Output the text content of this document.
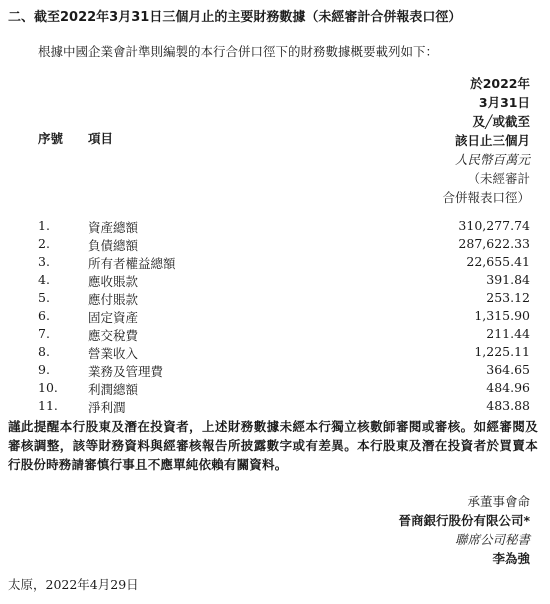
二、截至2022年3月31日三個月止的主要財務數據（未經審計合併報表口徑）
根據中國企業會計準則編製的本行合併口徑下的財務數據概要載列如下：
於2022年
3月31日
及╱或截至
該日止三個月
人民幣百萬元
（未經審計
合併報表口徑）
序號 項目
1.	資產總額	310,277.74
2.	負債總額	287,622.33
3.	所有者權益總額	22,655.41
4.	應收賬款	391.84
5.	應付賬款	253.12
6.	固定資產	1,315.90
7.	應交稅費	211.44
8.	營業收入	1,225.11
9.	業務及管理費	364.65
10. 利潤總額	484.96
11. 淨利潤	483.88
謹此提醒本行股東及潛在投資者，上述財務數據未經本行獨立核數師審閱或審核。如經審閱及審核調整，該等財務資料與經審核報告所披露數字或有差異。本行股東及潛在投資者於買賣本行股份時務請審慎行事且不應單純依賴有關資料。
承董事會命
晉商銀行股份有限公司*
聯席公司秘書
李為強
太原，2022年4月29日
